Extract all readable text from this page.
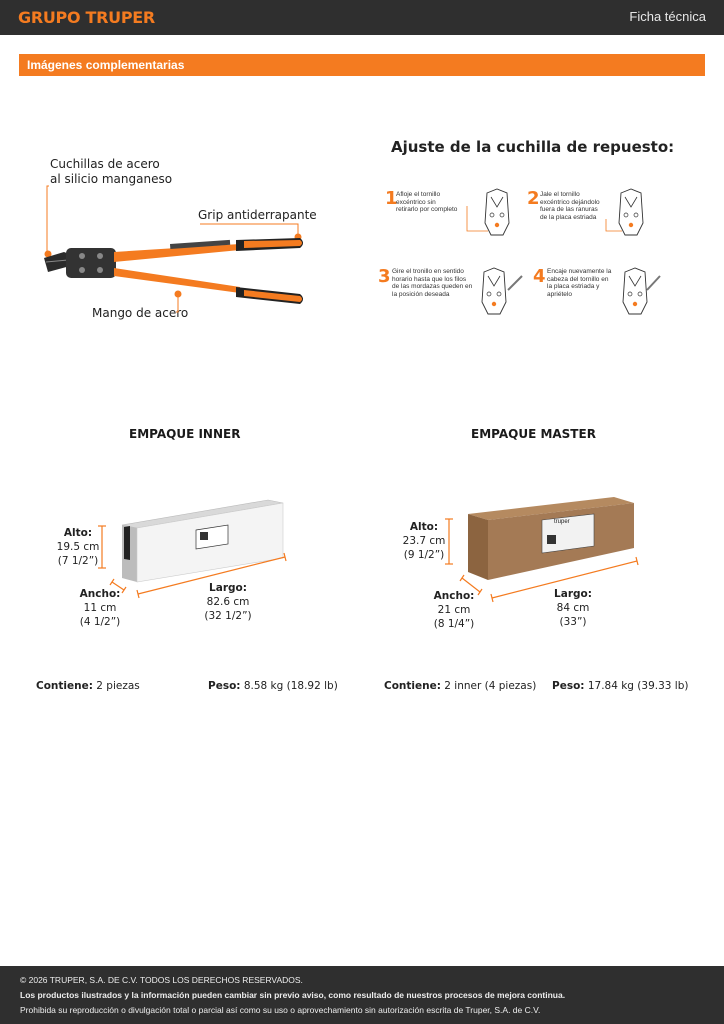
GRUPO TRUPER	Ficha técnica
Imágenes complementarias
Cuchillas de acero
al silicio manganeso
Grip antiderrapante
Mango de acero
Ajuste de la cuchilla de repuesto:
1
Afloje el tornillo
excéntrico sin
retirarlo por completo
2 Jale el tornillo
excéntrico dejándolo
fuera de las ranuras
de la placa estriada
3 Gire el tronillo en sentido
horario hasta que los filos
de las mordazas queden en
la posición deseada
4 Encaje nuevamente la
cabeza del tornillo en
la placa estriada y
apriételo
EMPAQUE INNER
Alto:
19.5 cm
(7 1/2”)
Ancho:
11 cm
(4 1/2”)
Largo:
82.6 cm
(32 1/2”)
EMPAQUE MASTER
truper
Alto:
23.7 cm
(9 1/2”)
Ancho:
21 cm
(8 1/4”)
Largo:
84 cm
(33”)
Contiene: 2 piezas	Peso: 8.58 kg (18.92 lb)	Contiene: 2 inner (4 piezas) Peso: 17.84 kg (39.33 lb)
© 2026 TRUPER, S.A. DE C.V. TODOS LOS DERECHOS RESERVADOS.
Los productos ilustrados y la información pueden cambiar sin previo aviso, como resultado de nuestros procesos de mejora continua.
Prohibida su reproducción o divulgación total o parcial así como su uso o aprovechamiento sin autorización escrita de Truper, S.A. de C.V.
